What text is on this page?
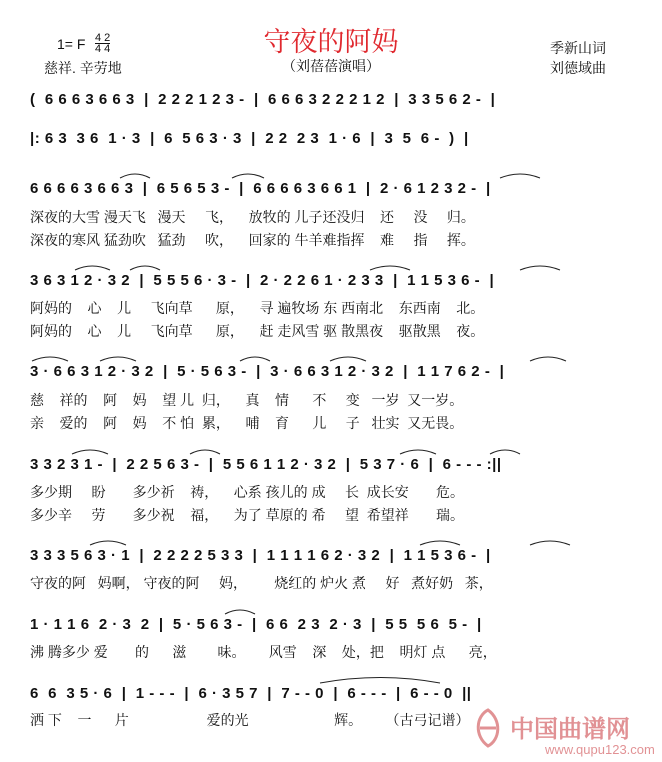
守夜的阿妈
（刘蓓蓓演唱）
1= F 4 2
4 4
慈祥. 辛劳地
季新山词
刘德域曲
(  6 6 6 3 6 6 3  |  2 2 2 1 2 3 -  |  6 6 6 3 2 2 2 1 2  |  3 3 5 6 2 -  |
|: 6 3  3 6  1 · 3  |  6  5 6 3 · 3  |  2 2  2 3  1 · 6  |  3  5  6 -  )  |
6 6 6 6 3 6 6 3  |  6 5 6 5 3 -  |  6 6 6 6 3 6 6 1  |  2 · 6 1 2 3 2 -  |
深夜的大雪 漫天飞   漫天     飞，    放牧的 儿子还没归    还     没     归。
深夜的寒风 猛劲吹   猛劲     吹，    回家的 牛羊难指挥    难     指     挥。
3 6 3 1 2 · 3 2  |  5 5 5 6 · 3 -  |  2 · 2 2 6 1 · 2 3 3  |  1 1 5 3 6 -  |
阿妈的    心    儿     飞向草      原，    寻 遍牧场 东 西南北    东西南    北。
阿妈的    心    儿     飞向草      原，    赶 走风雪 驱 散黑夜    驱散黑    夜。
3 · 6 6 3 1 2 · 3 2  |  5 · 5 6 3 -  |  3 · 6 6 3 1 2 · 3 2  |  1 1 7 6 2 -  |
慈    祥的    阿    妈    望 儿  归，    真    情      不     变   一岁  又一岁。
亲    爱的    阿    妈    不 怕  累，    哺    育      儿     子   壮实  又无畏。
3 3 2 3 1 -  |  2 2 5 6 3 -  |  5 5 6 1 1 2 · 3 2  |  5 3 7 · 6  |  6 - - - :||
多少期     盼       多少祈    祷，    心系 孩儿的 成     长  成长安       危。
多少辛     劳       多少祝    福，    为了 草原的 希     望  希望祥       瑞。
3 3 3 5 6 3 · 1  |  2 2 2 2 5 3 3  |  1 1 1 1 6 2 · 3 2  |  1 1 5 3 6 -  |
守夜的阿   妈啊， 守夜的阿     妈，       烧红的 炉火 煮     好   煮好奶   茶，
1 · 1 1 6  2 · 3  2  |  5 · 5 6 3 -  |  6 6  2 3  2 · 3  |  5 5  5 6  5 -  |
沸 腾多少 爱       的      滋        味。      风雪    深    处，把    明灯 点      亮，
6  6  3 5 · 6  |  1 - - -  |  6 · 3 5 7  |  7 - - 0  |  6 - - -  |  6 - - 0  ||
洒 下    一      片                    爱的光                      辉。      （古弓记谱）	中国曲谱网
www.qupu123.com
